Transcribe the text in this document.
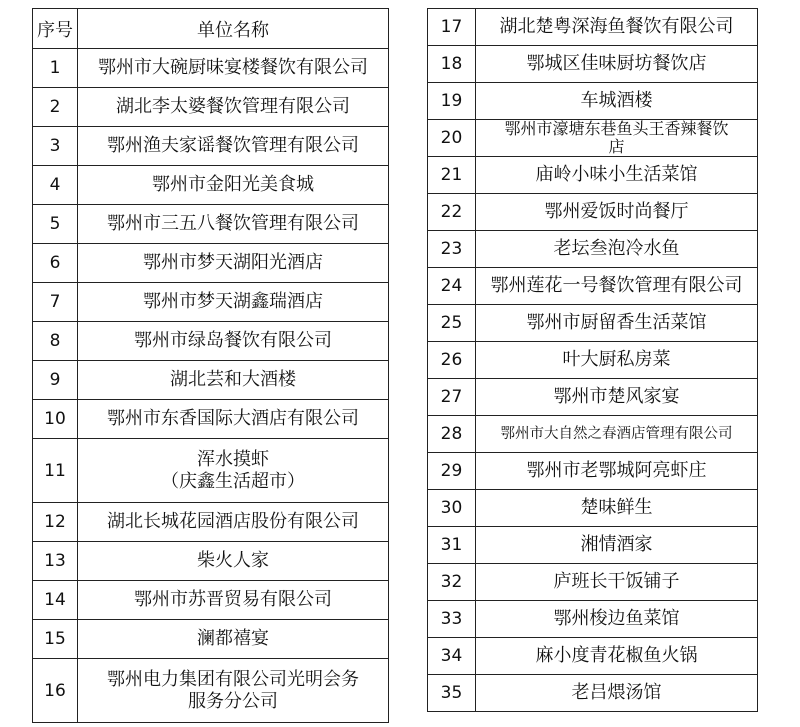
序号	单位名称
1	鄂州市大碗厨味宴楼餐饮有限公司
2	湖北李太婆餐饮管理有限公司
3	鄂州渔夫家谣餐饮管理有限公司
4	鄂州市金阳光美食城
5	鄂州市三五八餐饮管理有限公司
6	鄂州市梦天湖阳光酒店
7	鄂州市梦天湖鑫瑞酒店
8	鄂州市绿岛餐饮有限公司
9	湖北芸和大酒楼
10	鄂州市东香国际大酒店有限公司
11	浑水摸虾
（庆鑫生活超市）
12	湖北长城花园酒店股份有限公司
13	柴火人家
14	鄂州市苏晋贸易有限公司
15	澜都禧宴
16	鄂州电力集团有限公司光明会务
服务分公司
17	湖北楚粤深海鱼餐饮有限公司
18	鄂城区佳味厨坊餐饮店
19	车城酒楼
20	鄂州市濠塘东巷鱼头王香辣餐饮
店
21	庙岭小味小生活菜馆
22	鄂州爱饭时尚餐厅
23	老坛叁泡冷水鱼
24	鄂州莲花一号餐饮管理有限公司
25	鄂州市厨留香生活菜馆
26	叶大厨私房菜
27	鄂州市楚风家宴
28	鄂州市大自然之春酒店管理有限公司
29	鄂州市老鄂城阿亮虾庄
30	楚味鲜生
31	湘情酒家
32	庐班长干饭铺子
33	鄂州梭边鱼菜馆
34	麻小度青花椒鱼火锅
35	老吕煨汤馆
